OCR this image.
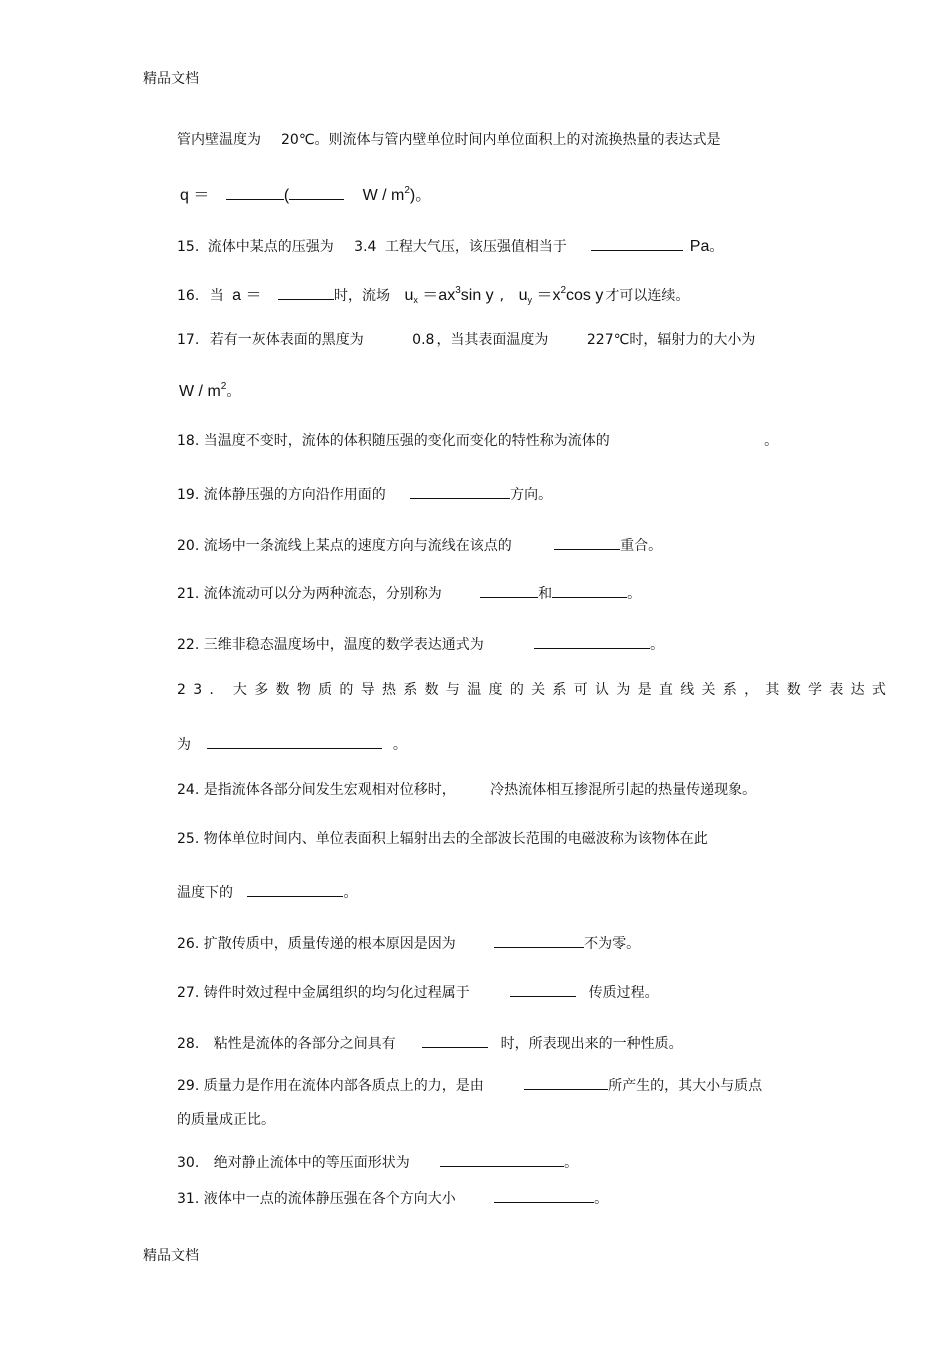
精品文档
管内壁温度为 20℃。则流体与管内壁单位时间内单位面积上的对流换热量的表达式是
q ＝	(	W / $m^2$)。
15. 流体中某点的压强为 3.4 工程大气压，该压强值相当于	Pa。
16. 当 a ＝	时，流场 ux $=ax^3\sin$ y , uy $=x^2\cos$ y 才可以连续。
17. 若有一灰体表面的黑度为	0.8 ，当其表面温度为	227℃时，辐射力的大小为
W / $m^2$。
18. 当温度不变时，流体的体积随压强的变化而变化的特性称为流体的	。
19. 流体静压强的方向沿作用面的	方向。
20. 流场中一条流线上某点的速度方向与流线在该点的	重合。
21. 流体流动可以分为两种流态，分别称为	和	。
22. 三维非稳态温度场中，温度的数学表达通式为	。
23. 大多数物质的导热系数与温度的关系可认为是直线关系，其数学表达式
为	。
24. 是指流体各部分间发生宏观相对位移时， 冷热流体相互掺混所引起的热量传递现象。
25. 物体单位时间内、单位表面积上辐射出去的全部波长范围的电磁波称为该物体在此
温度下的	。
26. 扩散传质中，质量传递的根本原因是因为	不为零。
27. 铸件时效过程中金属组织的均匀化过程属于	传质过程。
28. 粘性是流体的各部分之间具有	时，所表现出来的一种性质。
29. 质量力是作用在流体内部各质点上的力，是由	所产生的，其大小与质点
的质量成正比。
30. 绝对静止流体中的等压面形状为	。
31. 液体中一点的流体静压强在各个方向大小	。
精品文档
